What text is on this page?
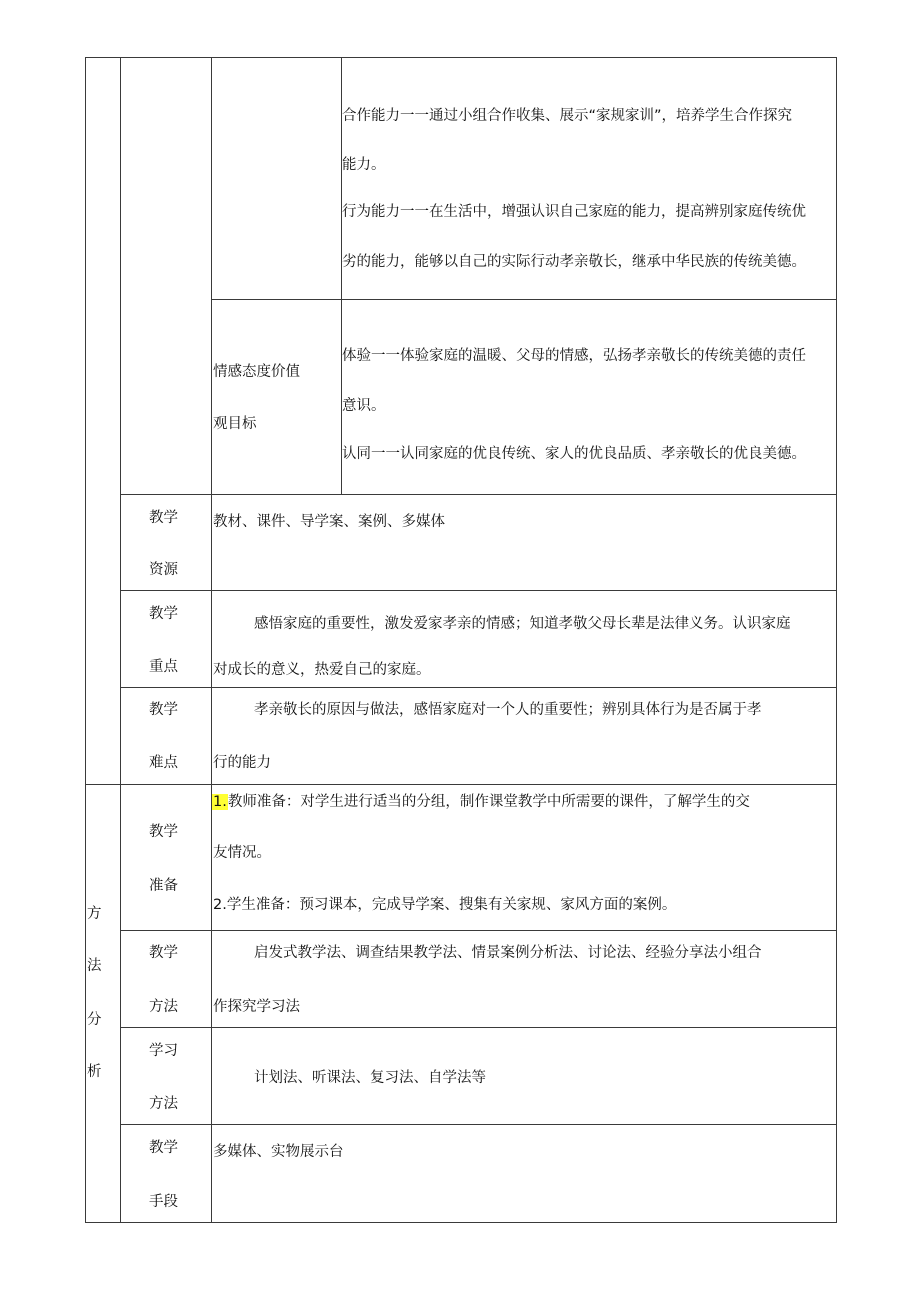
合作能力一一通过小组合作收集、展示“家规家训”，培养学生合作探究
能力。
行为能力一一在生活中，增强认识自己家庭的能力，提高辨别家庭传统优
劣的能力，能够以自己的实际行动孝亲敬长，继承中华民族的传统美德。
情感态度价值
观目标
体验一一体验家庭的温暖、父母的情感，弘扬孝亲敬长的传统美德的责任
意识。
认同一一认同家庭的优良传统、家人的优良品质、孝亲敬长的优良美德。
教学
资源
教材、课件、导学案、案例、多媒体
教学
重点
感悟家庭的重要性，激发爱家孝亲的情感；知道孝敬父母长辈是法律义务。认识家庭
对成长的意义，热爱自己的家庭。
教学
难点
孝亲敬长的原因与做法，感悟家庭对一个人的重要性；辨别具体行为是否属于孝
行的能力
方
法
分
析
教学
准备
1.教师准备：对学生进行适当的分组，制作课堂教学中所需要的课件，了解学生的交
友情况。
2.学生准备：预习课本，完成导学案、搜集有关家规、家风方面的案例。
教学
方法
启发式教学法、调查结果教学法、情景案例分析法、讨论法、经验分享法小组合
作探究学习法
学习
方法
计划法、听课法、复习法、自学法等
教学
手段
多媒体、实物展示台
